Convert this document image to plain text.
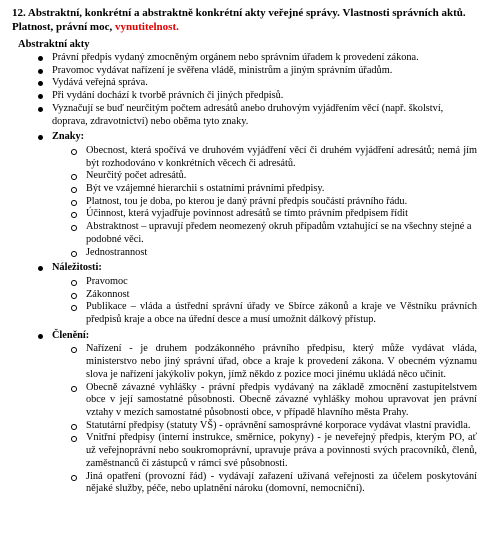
12. Abstraktní, konkrétní a abstraktně konkrétní akty veřejné správy. Vlastnosti správních aktů. Platnost, právní moc, vynutitelnost.
Abstraktní akty
Právní předpis vydaný zmocněným orgánem nebo správním úřadem k provedení zákona.
Pravomoc vydávat nařízení je svěřena vládě, ministrům a jiným správním úřadům.
Vydává veřejná správa.
Při vydání dochází k tvorbě právních či jiných předpisů.
Vyznačují se buď neurčitým počtem adresátů anebo druhovým vyjádřením věcí (např. školství, doprava, zdravotnictví) nebo oběma tyto znaky.
Znaky:
Obecnost, která spočívá ve druhovém vyjádření věcí či druhém vyjádření adresátů; nemá jím být rozhodováno v konkrétních věcech či adresátů.
Neurčitý počet adresátů.
Být ve vzájemné hierarchii s ostatními právními předpisy.
Platnost, tou je doba, po kterou je daný právní předpis součástí právního řádu.
Účinnost, která vyjadřuje povinnost adresátů se tímto právním předpisem řídit
Abstraktnost – upravují předem neomezený okruh případům vztahující se na všechny stejné a podobné věci.
Jednostrannost
Náležitosti:
Pravomoc
Zákonnost
Publikace – vláda a ústřední správní úřady ve Sbírce zákonů a kraje ve Věstníku právních předpisů kraje a obce na úřední desce a musí umožnit dálkový přístup.
Členění:
Nařízení - je druhem podzákonného právního předpisu, který může vydávat vláda, ministerstvo nebo jiný správní úřad, obce a kraje k provedení zákona. V obecném významu slova je nařízení jakýkoliv pokyn, jímž někdo z pozice moci jinému ukládá něco učinit.
Obecně závazné vyhlášky - právní předpis vydávaný na základě zmocnění zastupitelstvem obce v její samostatné působnosti. Obecně závazné vyhlášky mohou upravovat jen právní vztahy v mezích samostatné působnosti obce, v případě hlavního města Prahy.
Statutární předpisy (statuty VŠ) - oprávnění samosprávné korporace vydávat vlastní pravidla.
Vnitřní předpisy (interní instrukce, směrnice, pokyny) - je neveřejný předpis, kterým PO, ať už veřejnoprávní nebo soukromoprávní, upravuje práva a povinnosti svých pracovníků, členů, zaměstnanců či zástupců v rámci své působnosti.
Jiná opatření (provozní řád) - vydávají zařazení užívaná veřejnosti za účelem poskytování nějaké služby, péče, nebo uplatnění nároku (domovní, nemocniční).
